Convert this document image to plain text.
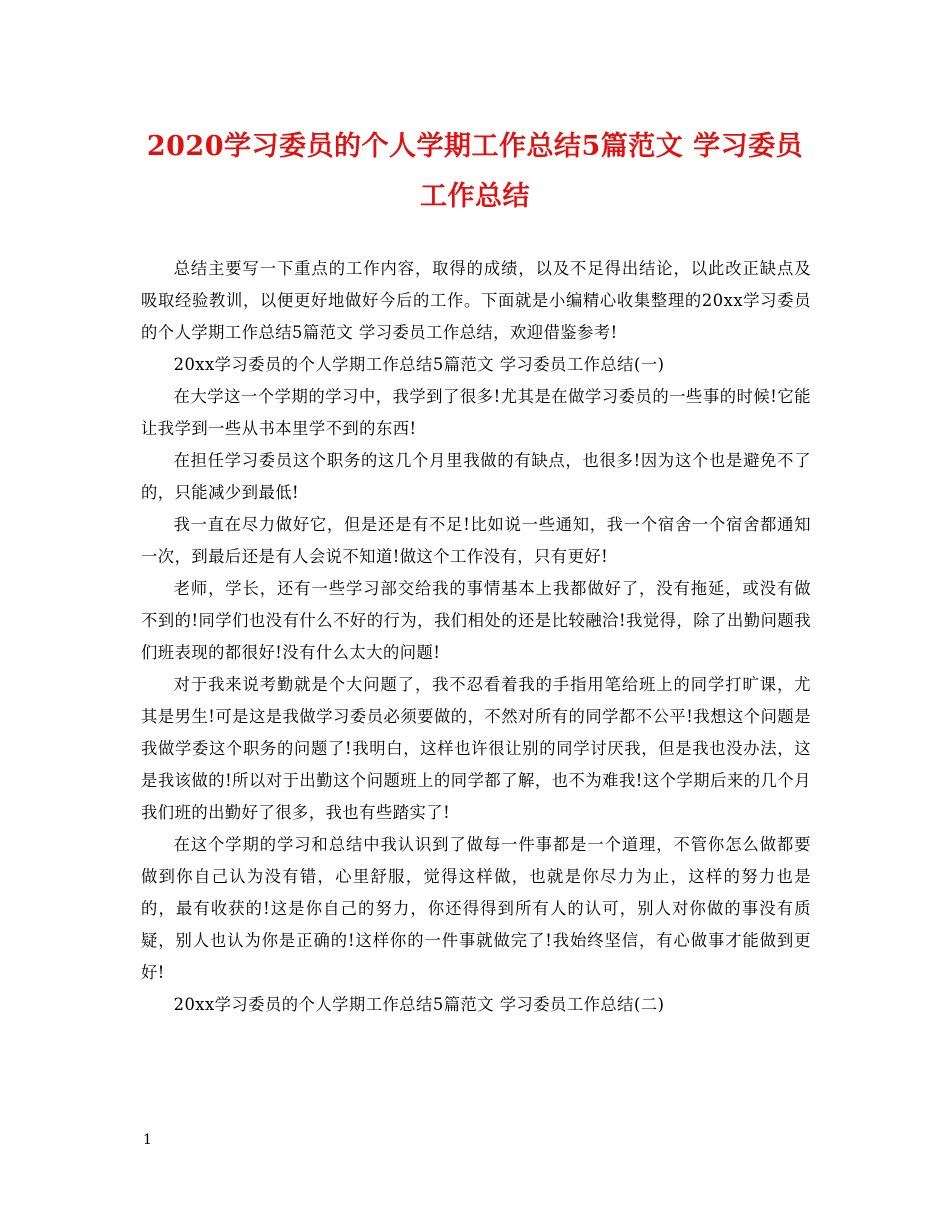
2020学习委员的个人学期工作总结5篇范文 学习委员工作总结

总结主要写一下重点的工作内容，取得的成绩，以及不足得出结论，以此改正缺点及吸取经验教训，以便更好地做好今后的工作。下面就是小编精心收集整理的20xx学习委员的个人学期工作总结5篇范文 学习委员工作总结，欢迎借鉴参考!

20xx学习委员的个人学期工作总结5篇范文 学习委员工作总结(一)

在大学这一个学期的学习中，我学到了很多!尤其是在做学习委员的一些事的时候!它能让我学到一些从书本里学不到的东西!

在担任学习委员这个职务的这几个月里我做的有缺点，也很多!因为这个也是避免不了的，只能减少到最低!

我一直在尽力做好它，但是还是有不足!比如说一些通知，我一个宿舍一个宿舍都通知一次，到最后还是有人会说不知道!做这个工作没有，只有更好!

老师，学长，还有一些学习部交给我的事情基本上我都做好了，没有拖延，或没有做不到的!同学们也没有什么不好的行为，我们相处的还是比较融洽!我觉得，除了出勤问题我们班表现的都很好!没有什么太大的问题!

对于我来说考勤就是个大问题了，我不忍看着我的手指用笔给班上的同学打旷课，尤其是男生!可是这是我做学习委员必须要做的，不然对所有的同学都不公平!我想这个问题是我做学委这个职务的问题了!我明白，这样也许很让别的同学讨厌我，但是我也没办法，这是我该做的!所以对于出勤这个问题班上的同学都了解，也不为难我!这个学期后来的几个月我们班的出勤好了很多，我也有些踏实了!

在这个学期的学习和总结中我认识到了做每一件事都是一个道理，不管你怎么做都要做到你自己认为没有错，心里舒服，觉得这样做，也就是你尽力为止，这样的努力也是的，最有收获的!这是你自己的努力，你还得得到所有人的认可，别人对你做的事没有质疑，别人也认为你是正确的!这样你的一件事就做完了!我始终坚信，有心做事才能做到更好!

20xx学习委员的个人学期工作总结5篇范文 学习委员工作总结(二)

1
